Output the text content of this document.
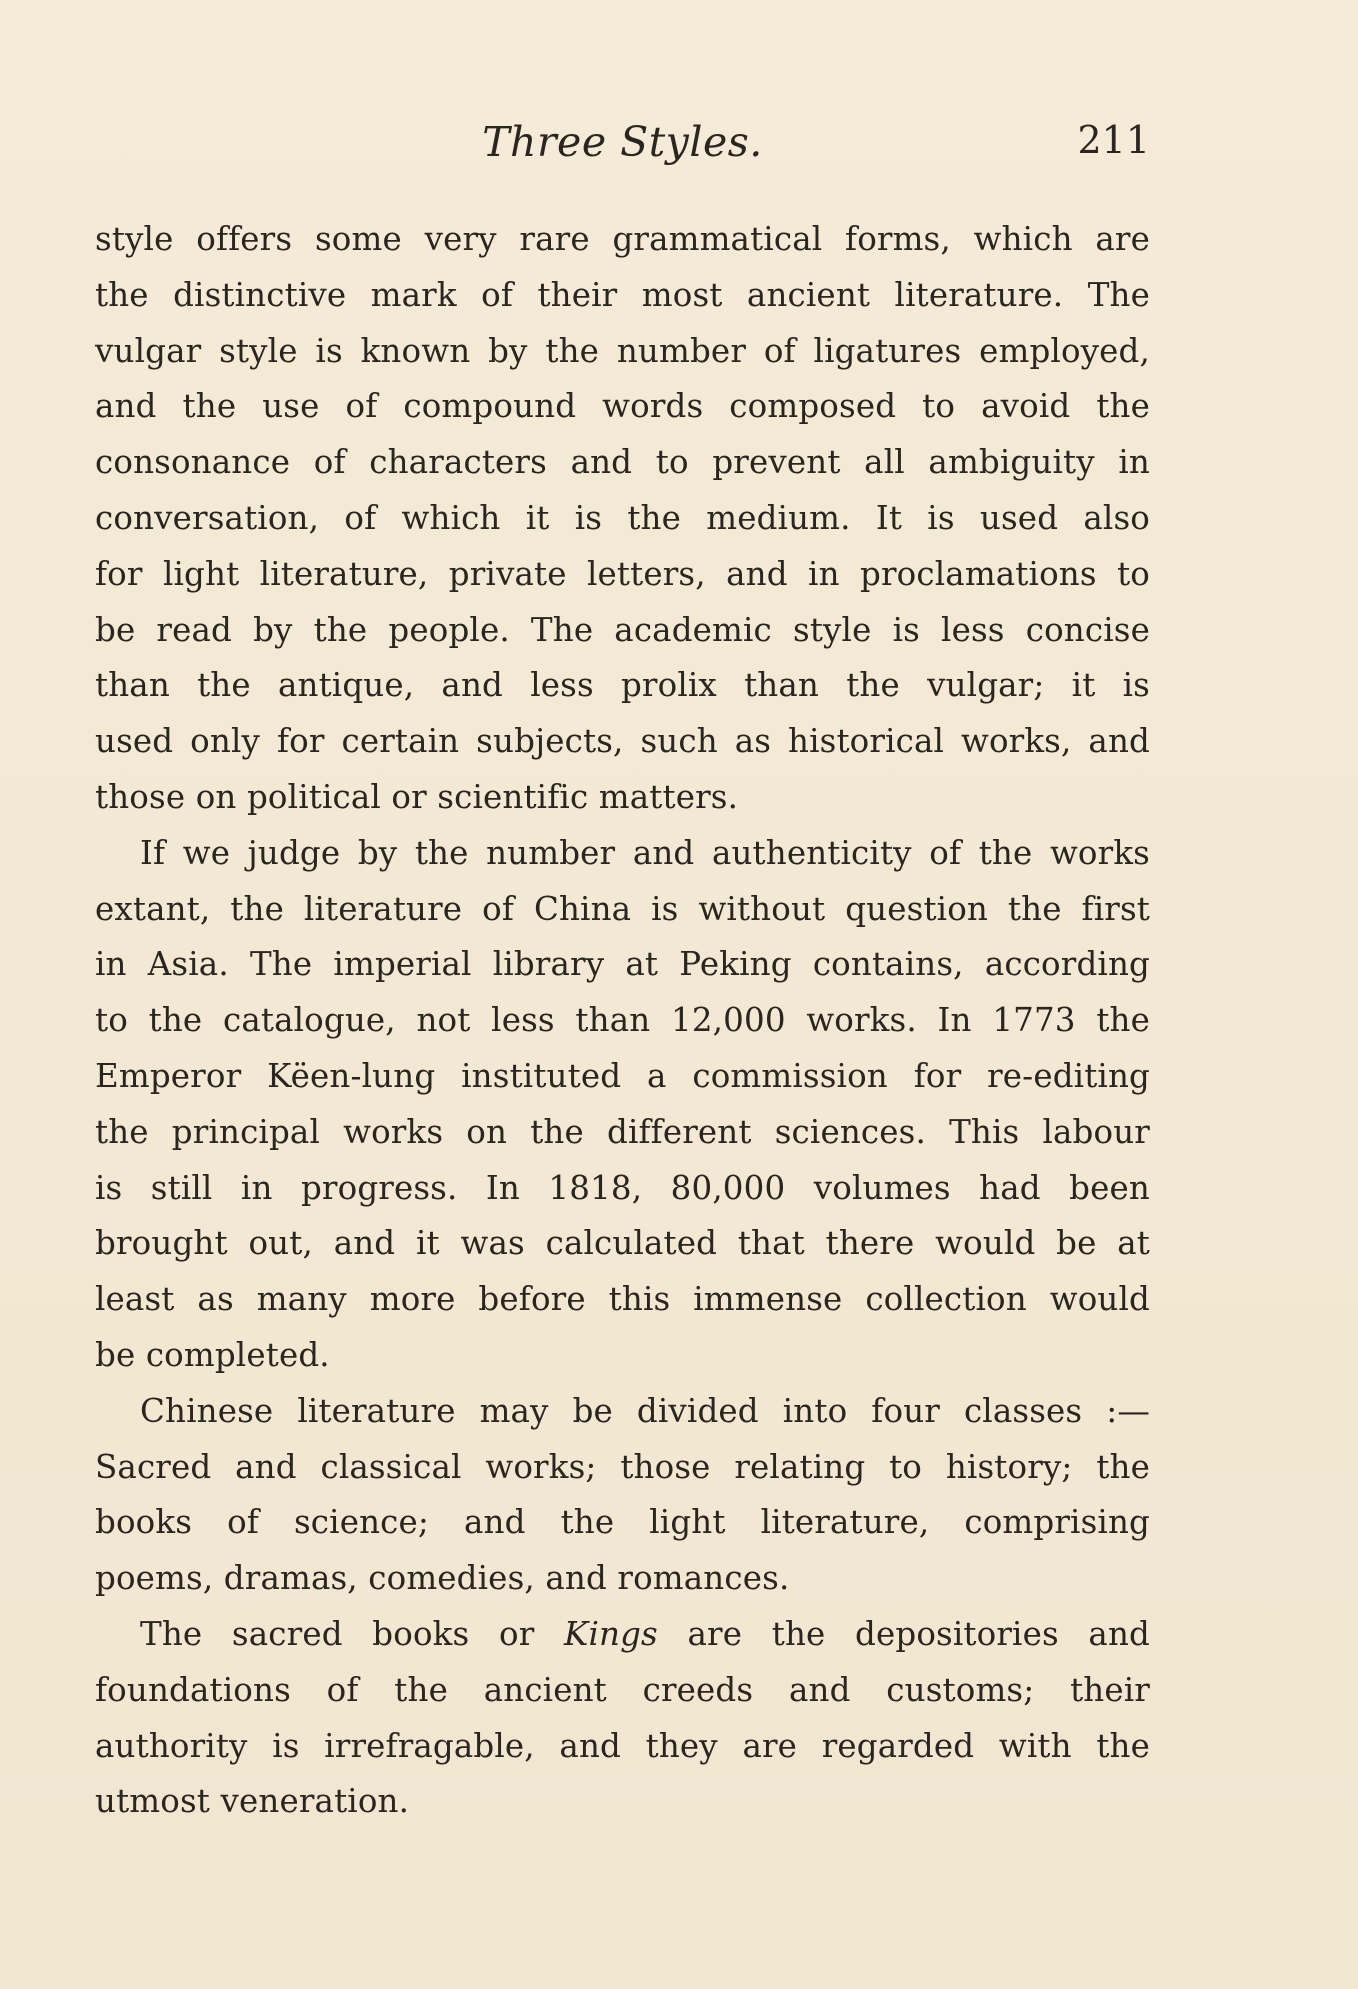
Three Styles.	211

style offers some very rare grammatical forms, which are
the distinctive mark of their most ancient literature. The
vulgar style is known by the number of ligatures employed,
and the use of compound words composed to avoid the
consonance of characters and to prevent all ambiguity in
conversation, of which it is the medium. It is used also
for light literature, private letters, and in proclamations to
be read by the people. The academic style is less concise
than the antique, and less prolix than the vulgar; it is
used only for certain subjects, such as historical works, and
those on political or scientific matters.

If we judge by the number and authenticity of the works
extant, the literature of China is without question the first
in Asia. The imperial library at Peking contains, according
to the catalogue, not less than 12,000 works. In 1773 the
Emperor Këen-lung instituted a commission for re-editing
the principal works on the different sciences. This labour
is still in progress. In 1818, 80,000 volumes had been
brought out, and it was calculated that there would be at
least as many more before this immense collection would
be completed.

Chinese literature may be divided into four classes :—
Sacred and classical works; those relating to history; the
books of science; and the light literature, comprising
poems, dramas, comedies, and romances.

The sacred books or Kings are the depositories and
foundations of the ancient creeds and customs; their
authority is irrefragable, and they are regarded with the
utmost veneration.
